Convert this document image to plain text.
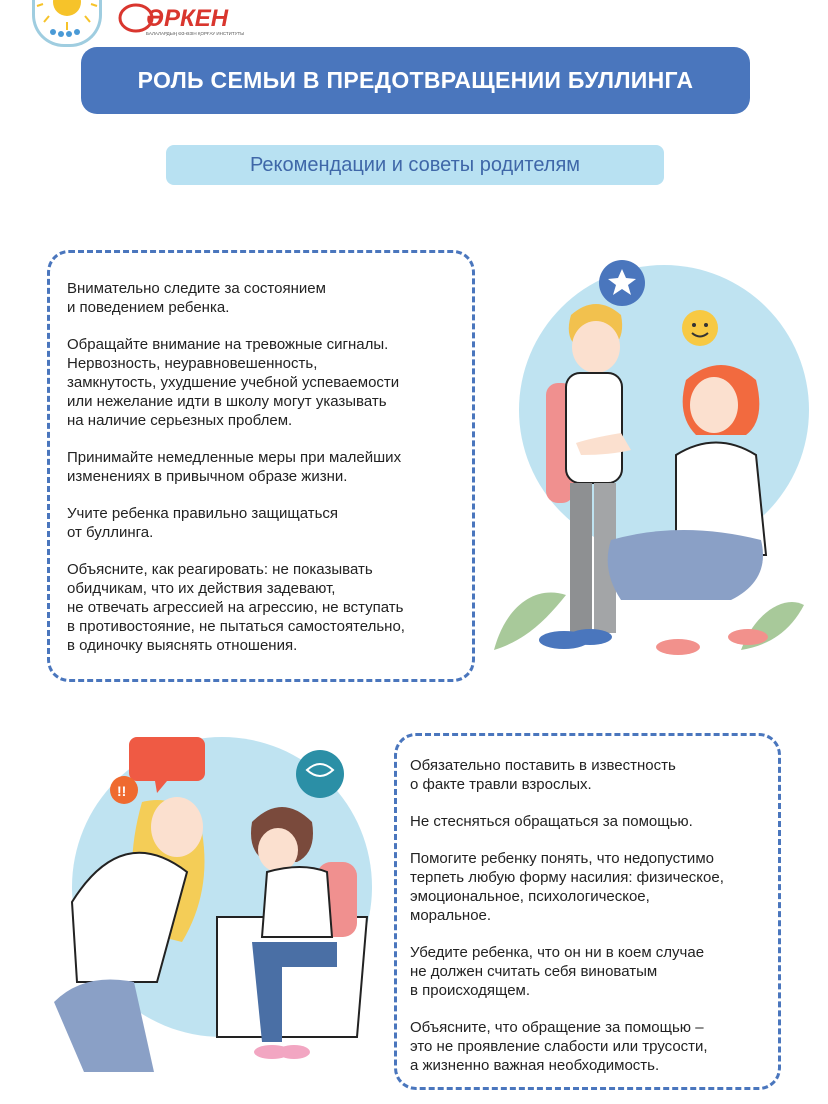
ӘРКЕН
БАЛАЛАРДЫҢ ӨЗ-ӨЗІН ҚОРҒАУ ИНСТИТУТЫ
РОЛЬ СЕМЬИ В ПРЕДОТВРАЩЕНИИ БУЛЛИНГА
Рекомендации и советы родителям

Внимательно следите за состоянием
и поведением ребенка.

Обращайте внимание на тревожные сигналы.
Нервозность, неуравновешенность,
замкнутость, ухудшение учебной успеваемости
или нежелание идти в школу могут указывать
на наличие серьезных проблем.

Принимайте немедленные меры при малейших
изменениях в привычном образе жизни.

Учите ребенка правильно защищаться
от буллинга.

Объясните, как реагировать: не показывать
обидчикам, что их действия задевают,
не отвечать агрессией на агрессию, не вступать
в противостояние, не пытаться самостоятельно,
в одиночку выяснять отношения.

!!

Обязательно поставить в известность
о факте травли взрослых.

Не стесняться обращаться за помощью.

Помогите ребенку понять, что недопустимо
терпеть любую форму насилия: физическое,
эмоциональное, психологическое,
моральное.

Убедите ребенка, что он ни в коем случае
не должен считать себя виноватым
в происходящем.

Объясните, что обращение за помощью –
это не проявление слабости или трусости,
а жизненно важная необходимость.
